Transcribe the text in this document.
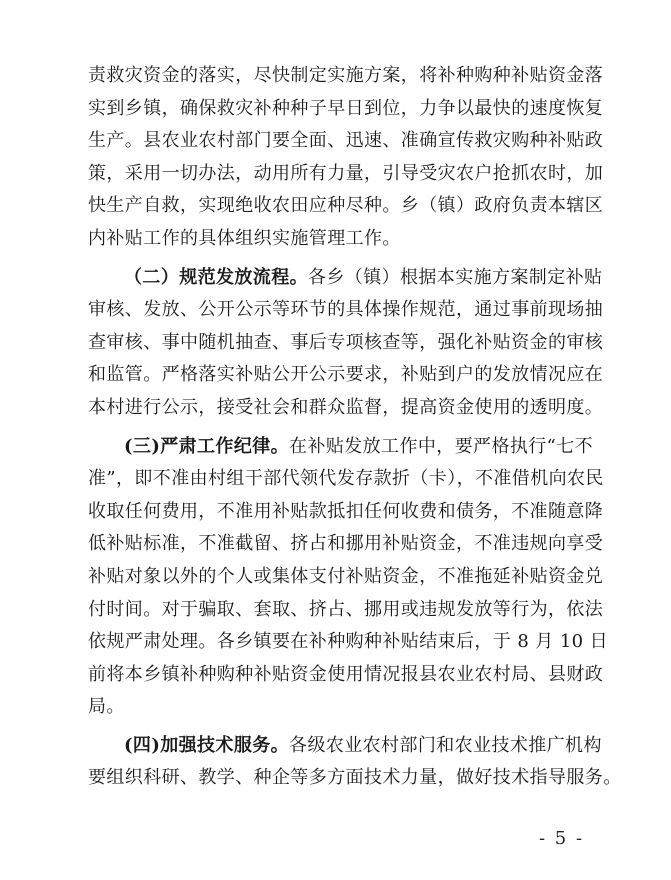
责救灾资金的落实，尽快制定实施方案，将补种购种补贴资金落

实到乡镇，确保救灾补种种子早日到位，力争以最快的速度恢复

生产。县农业农村部门要全面、迅速、准确宣传救灾购种补贴政

策，采用一切办法，动用所有力量，引导受灾农户抢抓农时，加

快生产自救，实现绝收农田应种尽种。乡（镇）政府负责本辖区

内补贴工作的具体组织实施管理工作。

（二）规范发放流程。各乡（镇）根据本实施方案制定补贴

审核、发放、公开公示等环节的具体操作规范，通过事前现场抽

查审核、事中随机抽查、事后专项核查等，强化补贴资金的审核

和监管。严格落实补贴公开公示要求，补贴到户的发放情况应在

本村进行公示，接受社会和群众监督，提高资金使用的透明度。

(三)严肃工作纪律。在补贴发放工作中，要严格执行“七不

准”，即不准由村组干部代领代发存款折（卡），不准借机向农民

收取任何费用，不准用补贴款抵扣任何收费和债务，不准随意降

低补贴标准，不准截留、挤占和挪用补贴资金，不准违规向享受

补贴对象以外的个人或集体支付补贴资金，不准拖延补贴资金兑

付时间。对于骗取、套取、挤占、挪用或违规发放等行为，依法

依规严肃处理。各乡镇要在补种购种补贴结束后，于 8 月 10 日

前将本乡镇补种购种补贴资金使用情况报县农业农村局、县财政

局。

(四)加强技术服务。各级农业农村部门和农业技术推广机构

要组织科研、教学、种企等多方面技术力量，做好技术指导服务。

- 5 -
